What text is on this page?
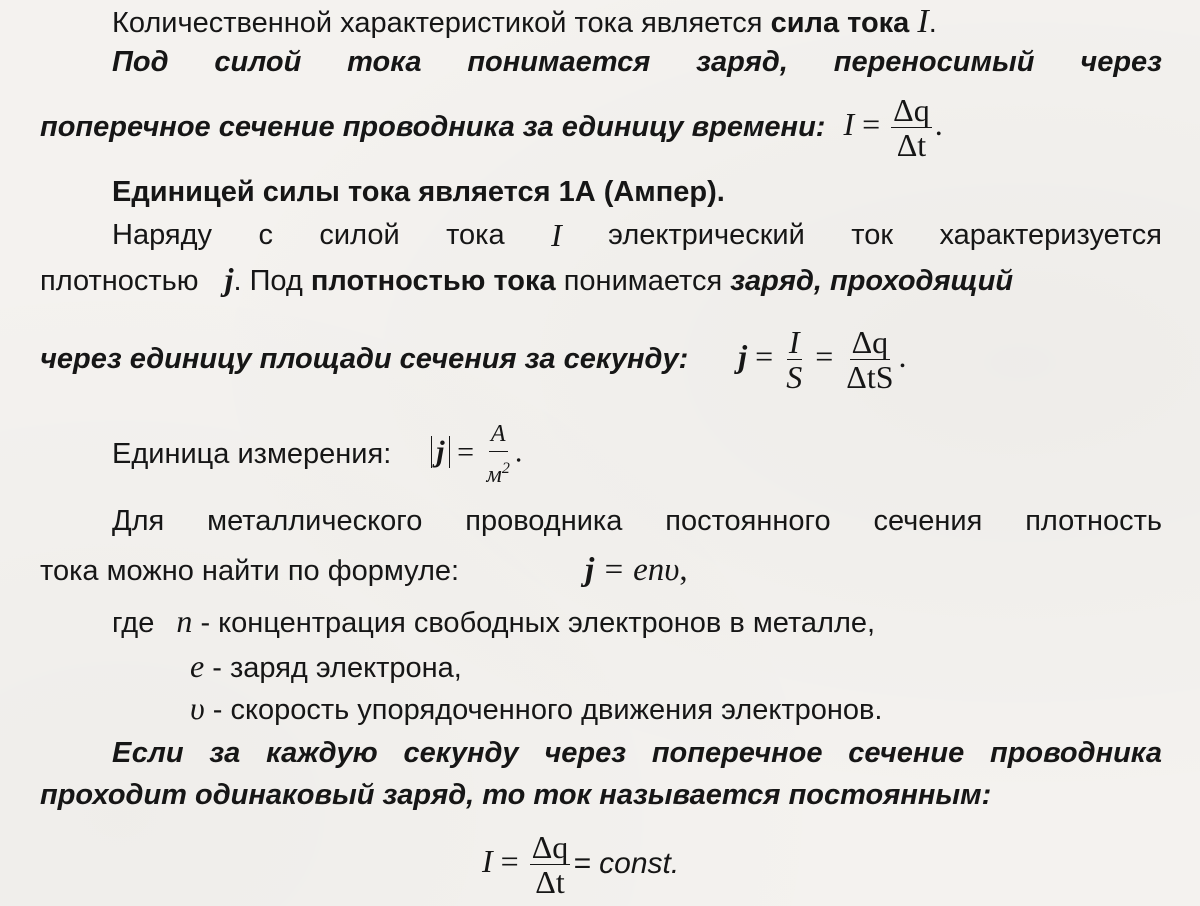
Количественной характеристикой тока является сила тока I.
Под силой тока понимается заряд, переносимый через
поперечное сечение проводника за единицу времени: $I = \frac{\Delta q}{\Delta t}$ .
Единицей силы тока является 1А (Ампер).
Наряду с силой тока I электрический ток характеризуется
плотностью j. Под плотностью тока понимается заряд, проходящий
через единицу площади сечения за секунду: $j = \frac{I}{S} = \frac{\Delta q}{\text{ΔtS}}$ .
Единица измерения: $j = \frac{A}{м^2}$ .
Для металлического проводника постоянного сечения плотность
тока можно найти по формуле:	j = enυ,
где n - концентрация свободных электронов в металле,
e - заряд электрона,
υ - скорость упорядоченного движения электронов.
Если за каждую секунду через поперечное сечение проводника
проходит одинаковый заряд, то ток называется постоянным:
$I = \frac{\Delta q}{\Delta t}$ = const.
